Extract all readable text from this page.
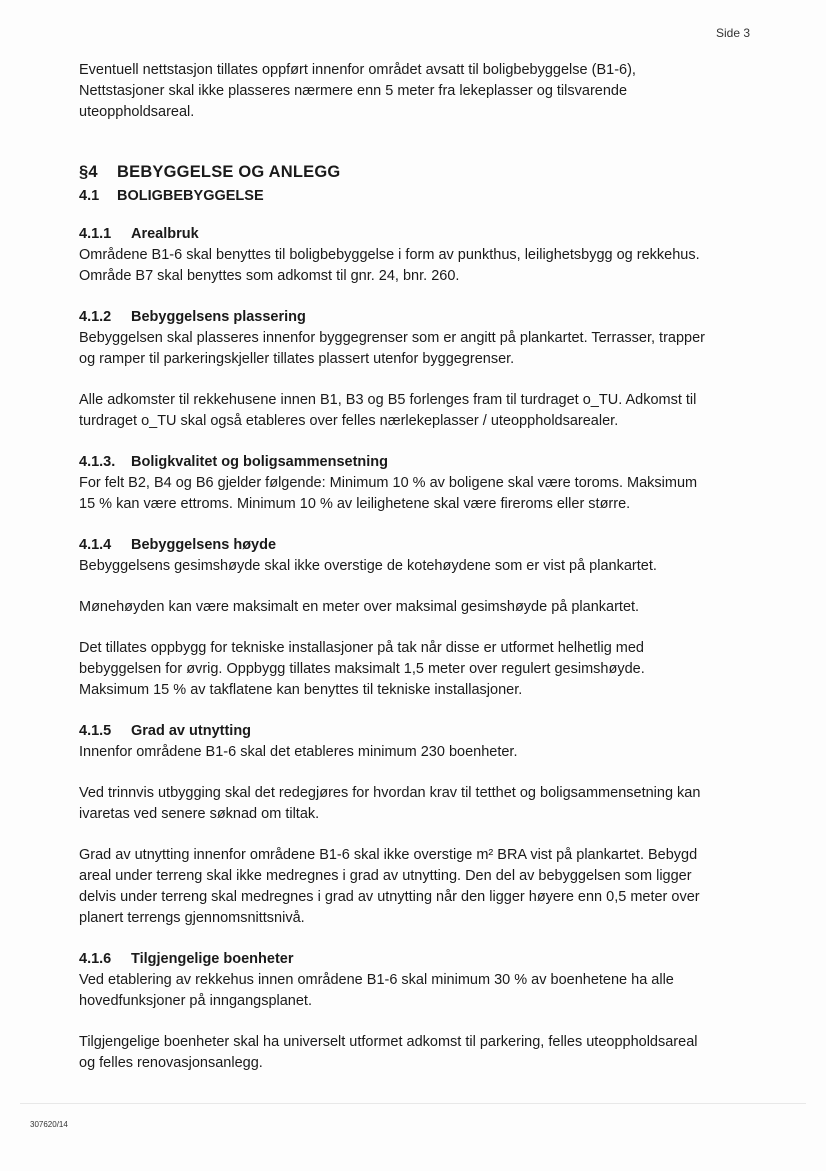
Side 3

Eventuell nettstasjon tillates oppført innenfor området avsatt til boligbebyggelse (B1-6),

Nettstasjoner skal ikke plasseres nærmere enn 5 meter fra lekeplasser og tilsvarende

uteoppholdsareal.

§4 BEBYGGELSE OG ANLEGG
4.1 BOLIGBEBYGGELSE
4.1.1 Arealbruk

Områdene B1-6 skal benyttes til boligbebyggelse i form av punkthus, leilighetsbygg og rekkehus.

Område B7 skal benyttes som adkomst til gnr. 24, bnr. 260.

4.1.2 Bebyggelsens plassering

Bebyggelsen skal plasseres innenfor byggegrenser som er angitt på plankartet. Terrasser, trapper

og ramper til parkeringskjeller tillates plassert utenfor byggegrenser.

Alle adkomster til rekkehusene innen B1, B3 og B5 forlenges fram til turdraget o_TU. Adkomst til

turdraget o_TU skal også etableres over felles nærlekeplasser / uteoppholdsarealer.

4.1.3. Boligkvalitet og boligsammensetning

For felt B2, B4 og B6 gjelder følgende: Minimum 10 % av boligene skal være toroms. Maksimum

15 % kan være ettroms. Minimum 10 % av leilighetene skal være fireroms eller større.

4.1.4 Bebyggelsens høyde

Bebyggelsens gesimshøyde skal ikke overstige de kotehøydene som er vist på plankartet.

Mønehøyden kan være maksimalt en meter over maksimal gesimshøyde på plankartet.

Det tillates oppbygg for tekniske installasjoner på tak når disse er utformet helhetlig med

bebyggelsen for øvrig. Oppbygg tillates maksimalt 1,5 meter over regulert gesimshøyde.

Maksimum 15 % av takflatene kan benyttes til tekniske installasjoner.

4.1.5 Grad av utnytting

Innenfor områdene B1-6 skal det etableres minimum 230 boenheter.

Ved trinnvis utbygging skal det redegjøres for hvordan krav til tetthet og boligsammensetning kan

ivaretas ved senere søknad om tiltak.

Grad av utnytting innenfor områdene B1-6 skal ikke overstige m² BRA vist på plankartet. Bebygd

areal under terreng skal ikke medregnes i grad av utnytting. Den del av bebyggelsen som ligger

delvis under terreng skal medregnes i grad av utnytting når den ligger høyere enn 0,5 meter over

planert terrengs gjennomsnittsnivå.

4.1.6 Tilgjengelige boenheter

Ved etablering av rekkehus innen områdene B1-6 skal minimum 30 % av boenhetene ha alle

hovedfunksjoner på inngangsplanet.

Tilgjengelige boenheter skal ha universelt utformet adkomst til parkering, felles uteoppholdsareal

og felles renovasjonsanlegg.

307620/14
